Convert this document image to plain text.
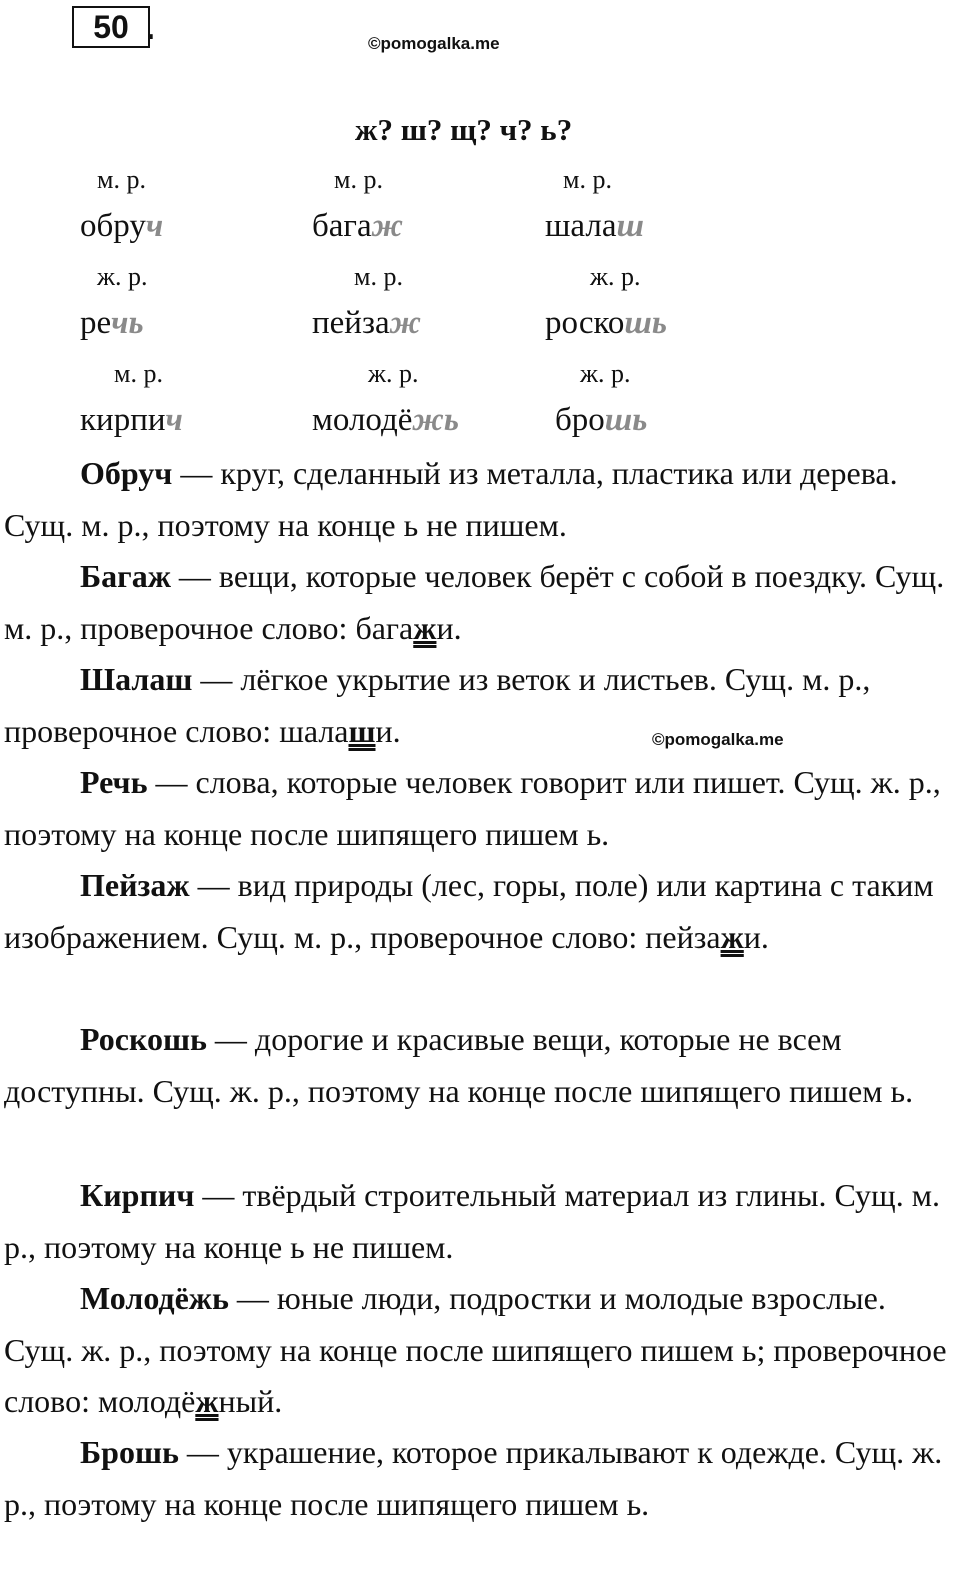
50 .	©pomogalka.me
ж? ш? щ? ч? ь?
м. р.	м. р.	м. р.
обруч	багаж	шалаш
ж. р.	м. р.	ж. р.
речь	пейзаж	роскошь
м. р.	ж. р.	ж. р.
кирпич	молодёжь	брошь

Обруч — круг, сделанный из металла, пластика или дерева. Сущ. м. р., поэтому на конце ь не пишем.

Багаж — вещи, которые человек берёт с собой в поездку. Сущ. м. р., проверочное слово: багажи.

Шалаш — лёгкое укрытие из веток и листьев. Сущ. м. р., проверочное слово: шалаши.	©pomogalka.me

Речь — слова, которые человек говорит или пишет. Сущ. ж. р., поэтому на конце после шипящего пишем ь.

Пейзаж — вид природы (лес, горы, поле) или картина с таким изображением. Сущ. м. р., проверочное слово: пейзажи.

Роскошь — дорогие и красивые вещи, которые не всем доступны. Сущ. ж. р., поэтому на конце после шипящего пишем ь.

Кирпич — твёрдый строительный материал из глины. Сущ. м. р., поэтому на конце ь не пишем.

Молодёжь — юные люди, подростки и молодые взрослые. Сущ. ж. р., поэтому на конце после шипящего пишем ь; проверочное слово: молодёжный.

Брошь — украшение, которое прикалывают к одежде. Сущ. ж. р., поэтому на конце после шипящего пишем ь.
